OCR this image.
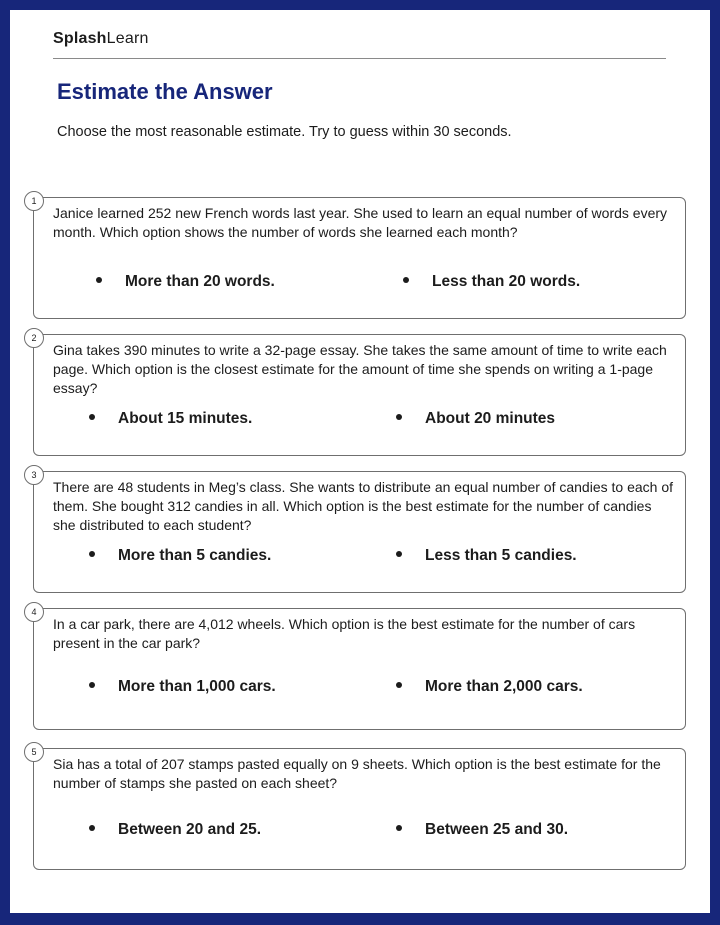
SplashLearn
Estimate the Answer
Choose the most reasonable estimate. Try to guess within 30 seconds.
1
Janice learned 252 new French words last year. She used to learn an equal number of words every month. Which option shows the number of words she learned each month?
More than 20 words.	Less than 20 words.
2
Gina takes 390 minutes to write a 32-page essay. She takes the same amount of time to write each page. Which option is the closest estimate for the amount of time she spends on writing a 1-page essay?
About 15 minutes.	About 20 minutes
3
There are 48 students in Meg’s class. She wants to distribute an equal number of candies to each of them. She bought 312 candies in all. Which option is the best estimate for the number of candies she distributed to each student?
More than 5 candies.	Less than 5 candies.
4
In a car park, there are 4,012 wheels. Which option is the best estimate for the number of cars present in the car park?
More than 1,000 cars.	More than 2,000 cars.
5
Sia has a total of 207 stamps pasted equally on 9 sheets. Which option is the best estimate for the number of stamps she pasted on each sheet?
Between 20 and 25.	Between 25 and 30.
